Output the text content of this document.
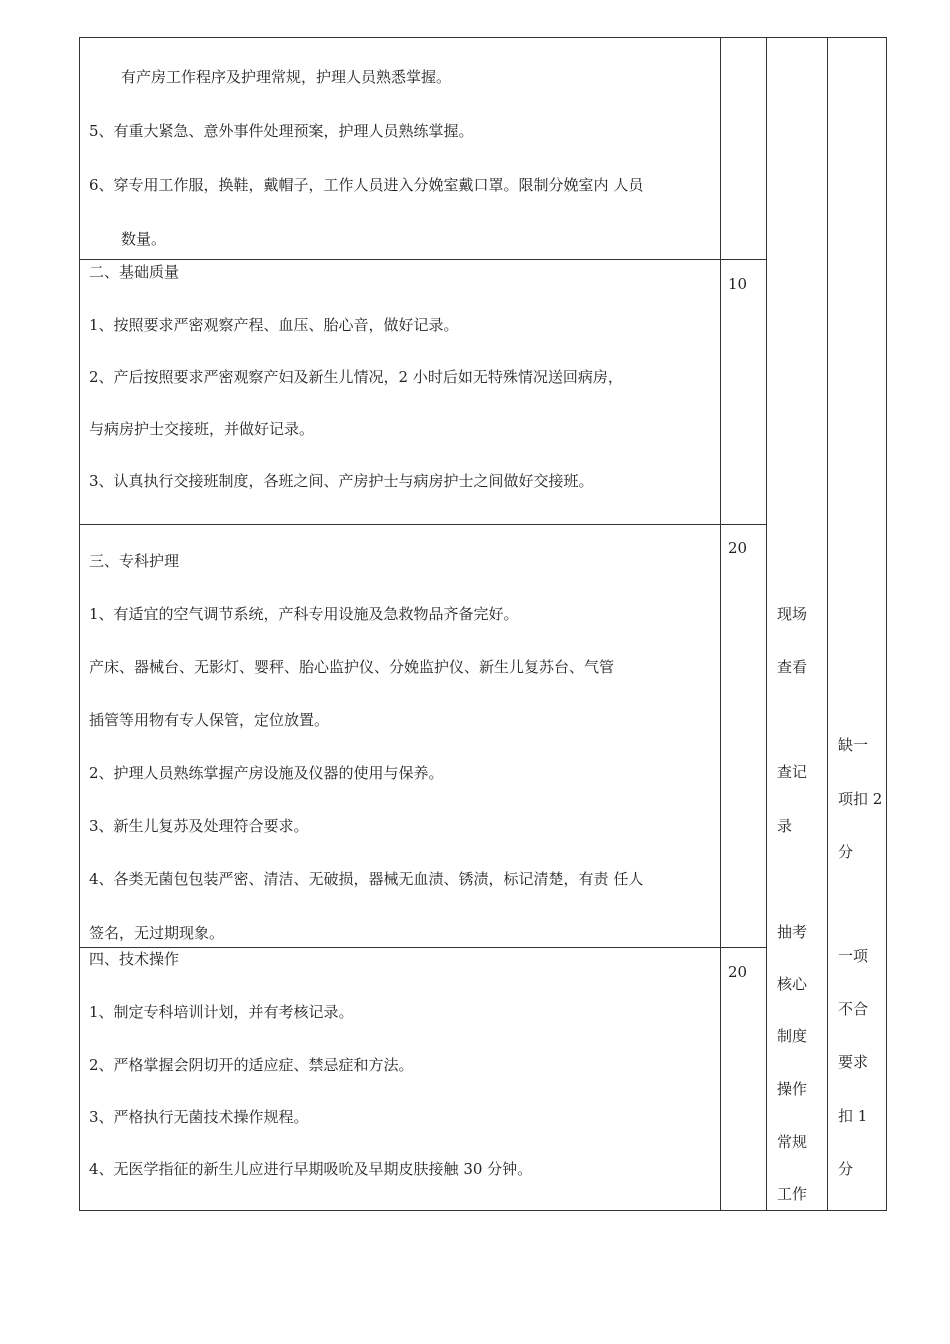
有产房工作程序及护理常规，护理人员熟悉掌握。
5、有重大紧急、意外事件处理预案，护理人员熟练掌握。
6、穿专用工作服，换鞋，戴帽子，工作人员进入分娩室戴口罩。限制分娩室内 人员
数量。
二、基础质量
1、按照要求严密观察产程、血压、胎心音，做好记录。
2、产后按照要求严密观察产妇及新生儿情况，2 小时后如无特殊情况送回病房，
与病房护士交接班，并做好记录。
3、认真执行交接班制度，各班之间、产房护士与病房护士之间做好交接班。
10
三、专科护理
1、有适宜的空气调节系统，产科专用设施及急救物品齐备完好。
产床、器械台、无影灯、婴秤、胎心监护仪、分娩监护仪、新生儿复苏台、气管
插管等用物有专人保管，定位放置。
2、护理人员熟练掌握产房设施及仪器的使用与保养。
3、新生儿复苏及处理符合要求。
4、各类无菌包包装严密、清洁、无破损，器械无血渍、锈渍，标记清楚，有责 任人
签名，无过期现象。
20
四、技术操作
1、制定专科培训计划，并有考核记录。
2、严格掌握会阴切开的适应症、禁忌症和方法。
3、严格执行无菌技术操作规程。
4、无医学指征的新生儿应进行早期吸吮及早期皮肤接触 30 分钟。
20
现场
查看
查记
录
抽考
核心
制度
操作
常规
工作
缺一
项扣 2
分
一项
不合
要求
扣 1
分
